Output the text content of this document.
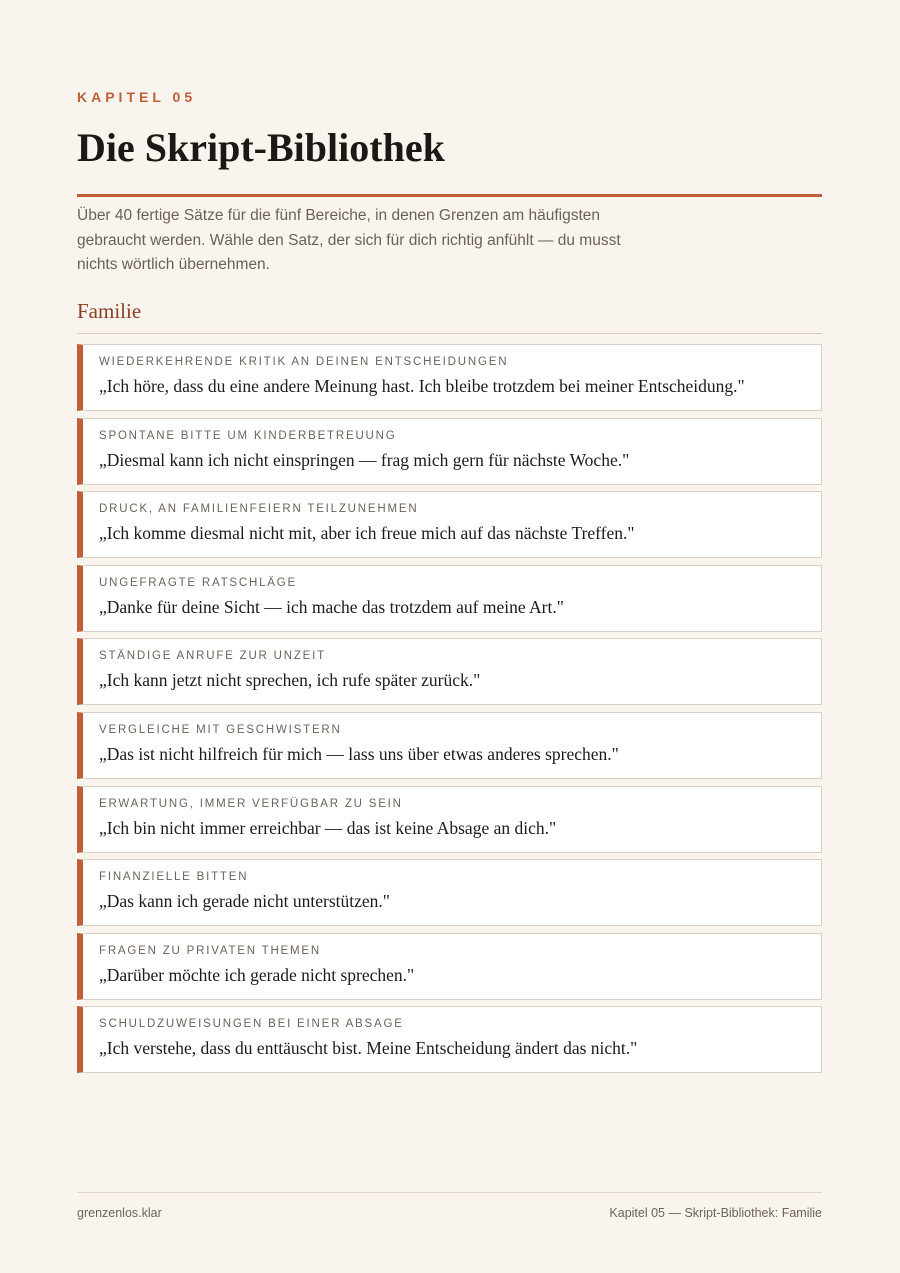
KAPITEL 05

Die Skript-Bibliothek

Über 40 fertige Sätze für die fünf Bereiche, in denen Grenzen am häufigsten gebraucht werden. Wähle den Satz, der sich für dich richtig anfühlt — du musst nichts wörtlich übernehmen.

Familie
WIEDERKEHRENDE KRITIK AN DEINEN ENTSCHEIDUNGEN
„Ich höre, dass du eine andere Meinung hast. Ich bleibe trotzdem bei meiner Entscheidung."
SPONTANE BITTE UM KINDERBETREUUNG
„Diesmal kann ich nicht einspringen — frag mich gern für nächste Woche."
DRUCK, AN FAMILIENFEIERN TEILZUNEHMEN
„Ich komme diesmal nicht mit, aber ich freue mich auf das nächste Treffen."
UNGEFRAGTE RATSCHLÄGE
„Danke für deine Sicht — ich mache das trotzdem auf meine Art."
STÄNDIGE ANRUFE ZUR UNZEIT
„Ich kann jetzt nicht sprechen, ich rufe später zurück."
VERGLEICHE MIT GESCHWISTERN
„Das ist nicht hilfreich für mich — lass uns über etwas anderes sprechen."
ERWARTUNG, IMMER VERFÜGBAR ZU SEIN
„Ich bin nicht immer erreichbar — das ist keine Absage an dich."
FINANZIELLE BITTEN
„Das kann ich gerade nicht unterstützen."
FRAGEN ZU PRIVATEN THEMEN
„Darüber möchte ich gerade nicht sprechen."
SCHULDZUWEISUNGEN BEI EINER ABSAGE
„Ich verstehe, dass du enttäuscht bist. Meine Entscheidung ändert das nicht."
grenzenlos.klar	Kapitel 05 — Skript-Bibliothek: Familie
